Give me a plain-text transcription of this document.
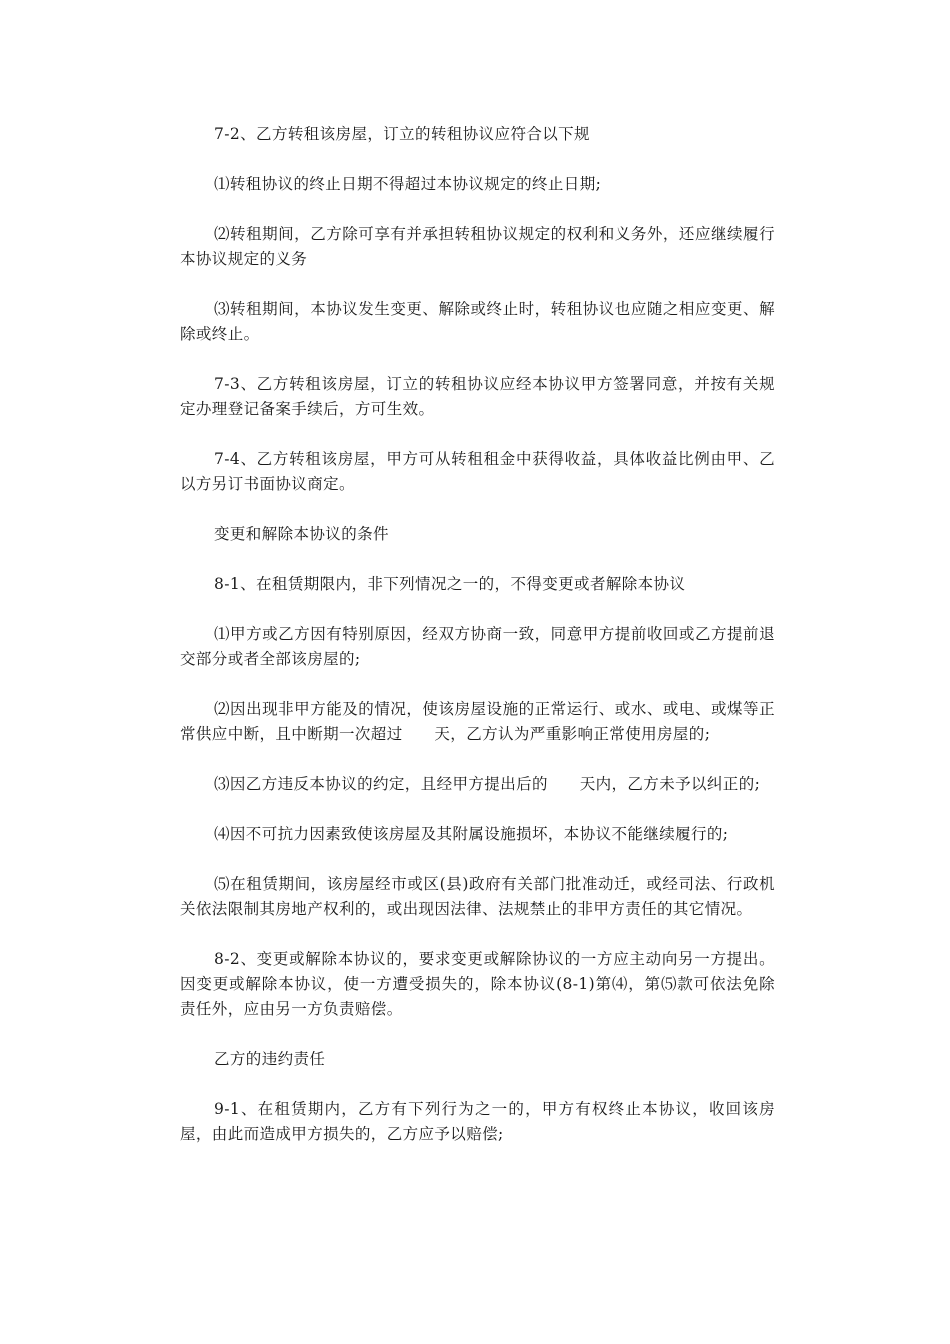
7-2、乙方转租该房屋，订立的转租协议应符合以下规

⑴转租协议的终止日期不得超过本协议规定的终止日期;

⑵转租期间，乙方除可享有并承担转租协议规定的权利和义务外，还应继续履行本协议规定的义务

⑶转租期间，本协议发生变更、解除或终止时，转租协议也应随之相应变更、解除或终止。

7-3、乙方转租该房屋，订立的转租协议应经本协议甲方签署同意，并按有关规定办理登记备案手续后，方可生效。

7-4、乙方转租该房屋，甲方可从转租租金中获得收益，具体收益比例由甲、乙以方另订书面协议商定。

变更和解除本协议的条件

8-1、在租赁期限内，非下列情况之一的，不得变更或者解除本协议

⑴甲方或乙方因有特别原因，经双方协商一致，同意甲方提前收回或乙方提前退交部分或者全部该房屋的;

⑵因出现非甲方能及的情况，使该房屋设施的正常运行、或水、或电、或煤等正常供应中断，且中断期一次超过　　天，乙方认为严重影响正常使用房屋的;

⑶因乙方违反本协议的约定，且经甲方提出后的　　天内，乙方未予以纠正的;

⑷因不可抗力因素致使该房屋及其附属设施损坏，本协议不能继续履行的;

⑸在租赁期间，该房屋经市或区(县)政府有关部门批准动迁，或经司法、行政机关依法限制其房地产权利的，或出现因法律、法规禁止的非甲方责任的其它情况。

8-2、变更或解除本协议的，要求变更或解除协议的一方应主动向另一方提出。因变更或解除本协议，使一方遭受损失的，除本协议(8-1)第⑷，第⑸款可依法免除责任外，应由另一方负责赔偿。

乙方的违约责任

9-1、在租赁期内，乙方有下列行为之一的，甲方有权终止本协议，收回该房屋，由此而造成甲方损失的，乙方应予以赔偿;
